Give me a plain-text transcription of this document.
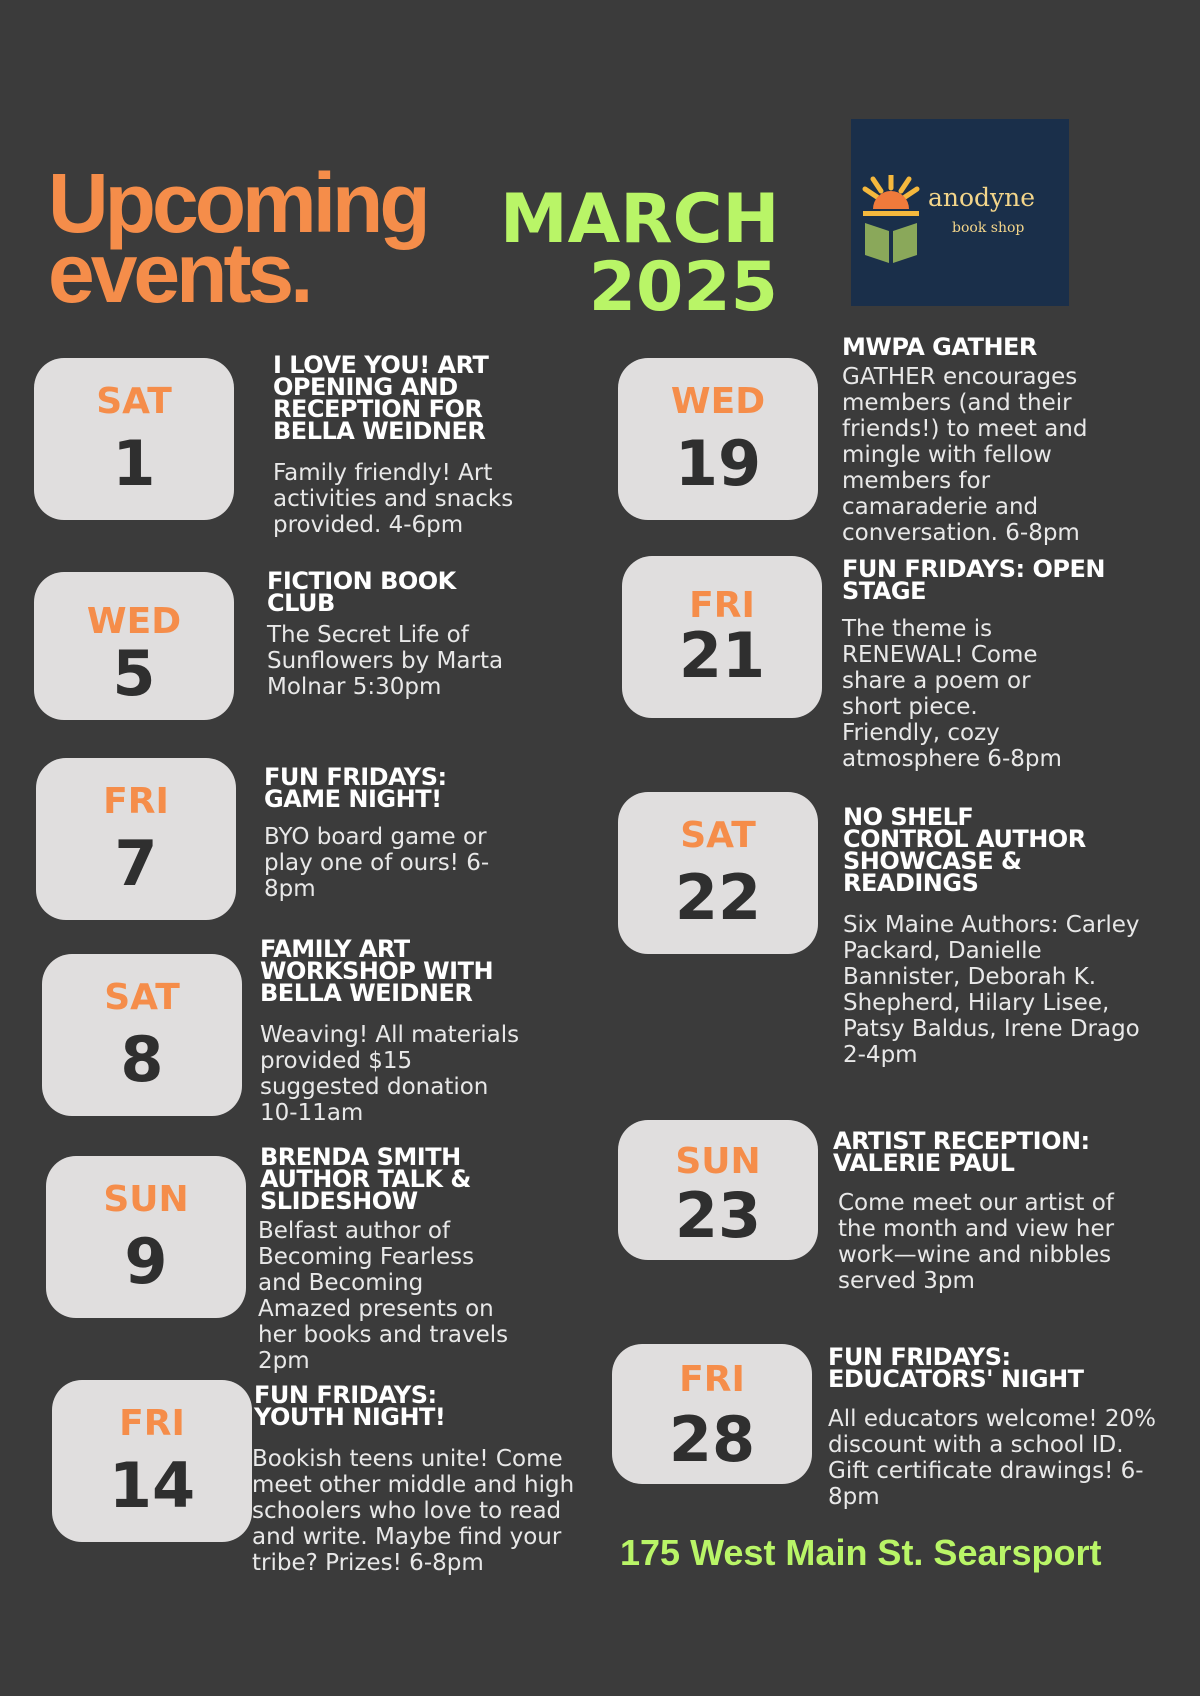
Upcoming
events.
MARCH
2025
anodyne
book shop
SAT
1
I LOVE YOU! ART OPENING AND RECEPTION FOR BELLA WEIDNER
Family friendly! Art activities and snacks provided. 4-6pm
WED
5
FICTION BOOK CLUB
The Secret Life of Sunflowers by Marta Molnar 5:30pm
FRI
7
FUN FRIDAYS: GAME NIGHT!
BYO board game or play one of ours! 6-8pm
SAT
8
FAMILY ART WORKSHOP WITH BELLA WEIDNER
Weaving! All materials provided $15 suggested donation 10-11am
SUN
9
BRENDA SMITH AUTHOR TALK & SLIDESHOW
Belfast author of Becoming Fearless and Becoming Amazed presents on her books and travels 2pm
FRI
14
FUN FRIDAYS: YOUTH NIGHT!
Bookish teens unite! Come meet other middle and high schoolers who love to read and write. Maybe find your tribe? Prizes! 6-8pm
WED
19
MWPA GATHER
GATHER encourages members (and their friends!) to meet and mingle with fellow members for camaraderie and conversation. 6-8pm
FRI
21
FUN FRIDAYS: OPEN STAGE
The theme is RENEWAL! Come share a poem or short piece. Friendly, cozy atmosphere 6-8pm
SAT
22
NO SHELF CONTROL AUTHOR SHOWCASE & READINGS
Six Maine Authors: Carley Packard, Danielle Bannister, Deborah K. Shepherd, Hilary Lisee, Patsy Baldus, Irene Drago 2-4pm
SUN
23
ARTIST RECEPTION: VALERIE PAUL
Come meet our artist of the month and view her work—wine and nibbles served 3pm
FRI
28
FUN FRIDAYS: EDUCATORS' NIGHT
All educators welcome! 20% discount with a school ID. Gift certificate drawings! 6-8pm
175 West Main St. Searsport
